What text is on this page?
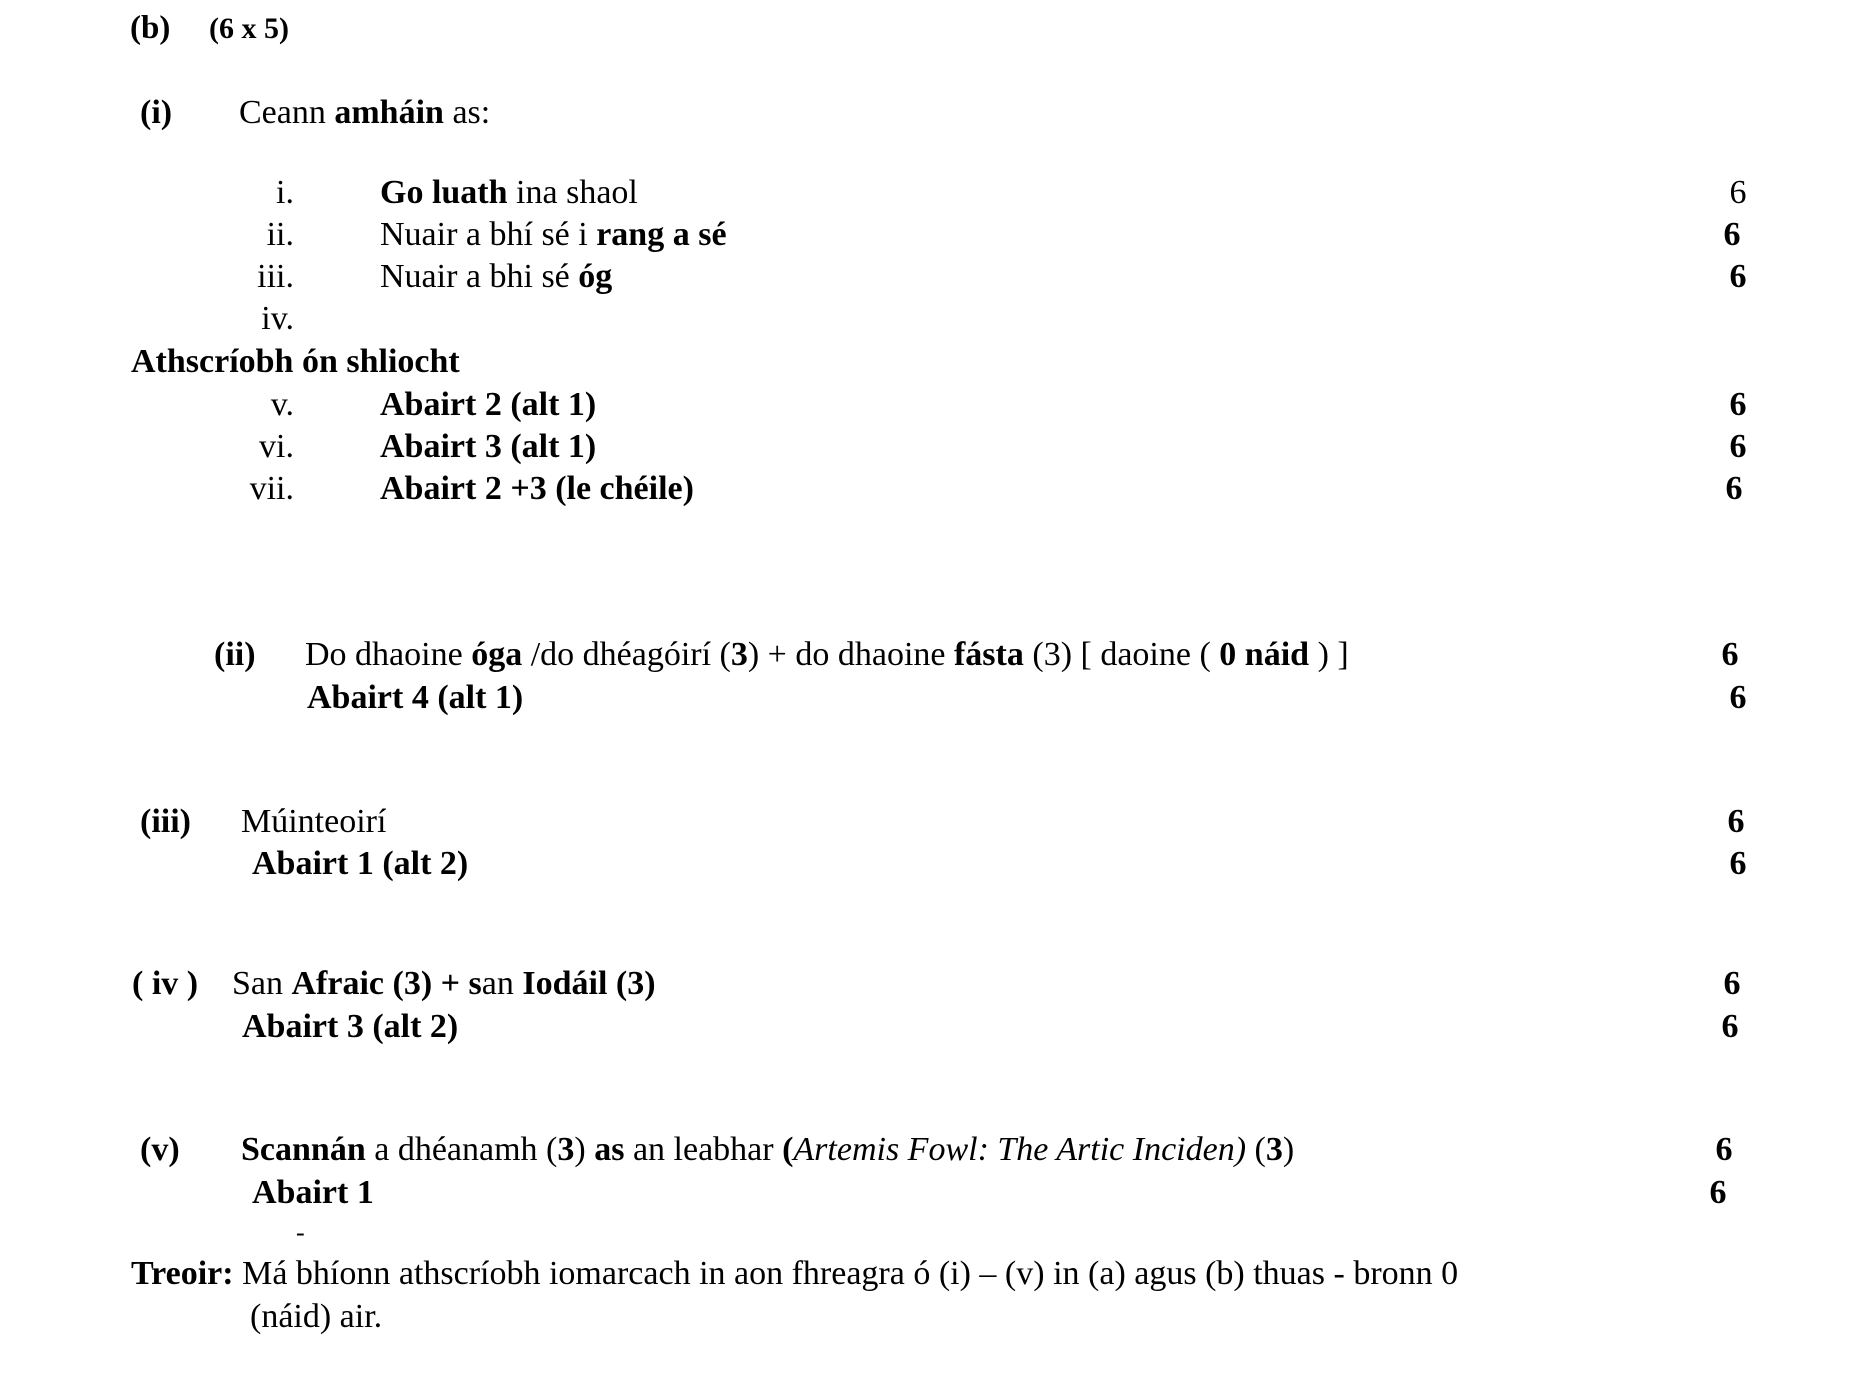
(b) (6 x 5)
(i) Ceann amháin as:
i.	Go luath ina shaol	6
ii.	Nuair a bhí sé i rang a sé	6
iii.	Nuair a bhi sé óg	6
iv.
Athscríobh ón shliocht
v.	Abairt 2 (alt 1)	6
vi.	Abairt 3 (alt 1)	6
vii.	Abairt 2 +3 (le chéile)	6
(ii) Do dhaoine óga /do dhéagóirí (3) + do dhaoine fásta (3) [ daoine ( 0 náid ) ]	6
Abairt 4 (alt 1)	6
(iii) Múinteoirí	6
Abairt 1 (alt 2)	6
( iv ) San Afraic (3) + san Iodáil (3)	6
Abairt 3 (alt 2)	6
(v) Scannán a dhéanamh (3) as an leabhar (Artemis Fowl: The Artic Inciden) (3)	6
Abairt 1	6
-
Treoir: Má bhíonn athscríobh iomarcach in aon fhreagra ó (i) – (v) in (a) agus (b) thuas - bronn 0
(náid) air.
